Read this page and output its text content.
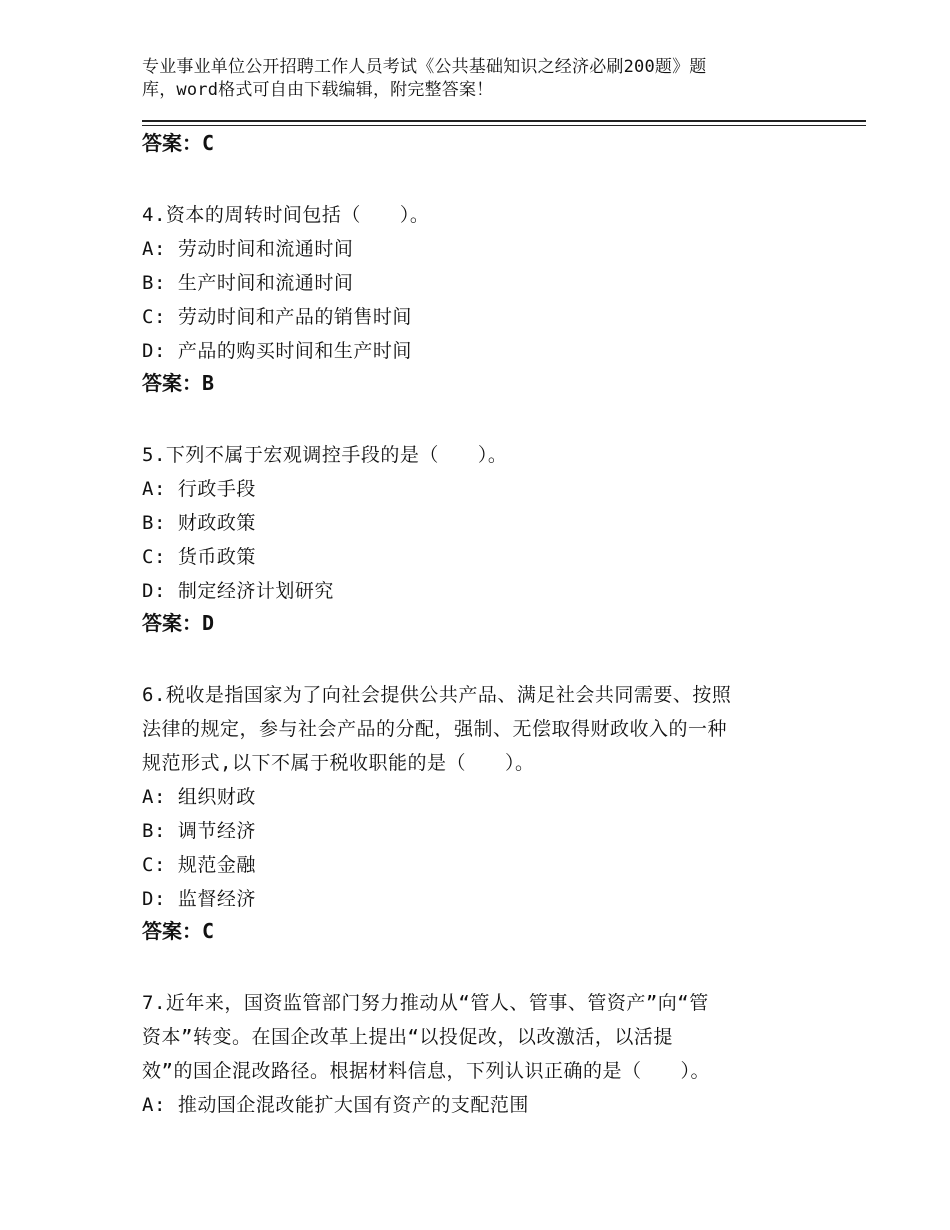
专业事业单位公开招聘工作人员考试《公共基础知识之经济必刷200题》题
库，word格式可自由下载编辑，附完整答案！
答案：C
4.资本的周转时间包括（　　）。
A: 劳动时间和流通时间
B: 生产时间和流通时间
C: 劳动时间和产品的销售时间
D: 产品的购买时间和生产时间
答案：B
5.下列不属于宏观调控手段的是（　　）。
A: 行政手段
B: 财政政策
C: 货币政策
D: 制定经济计划研究
答案：D
6.税收是指国家为了向社会提供公共产品、满足社会共同需要、按照
法律的规定，参与社会产品的分配，强制、无偿取得财政收入的一种
规范形式,以下不属于税收职能的是（　　）。
A: 组织财政
B: 调节经济
C: 规范金融
D: 监督经济
答案：C
7.近年来，国资监管部门努力推动从“管人、管事、管资产”向“管
资本”转变。在国企改革上提出“以投促改，以改激活，以活提
效”的国企混改路径。根据材料信息，下列认识正确的是（　　）。
A: 推动国企混改能扩大国有资产的支配范围
